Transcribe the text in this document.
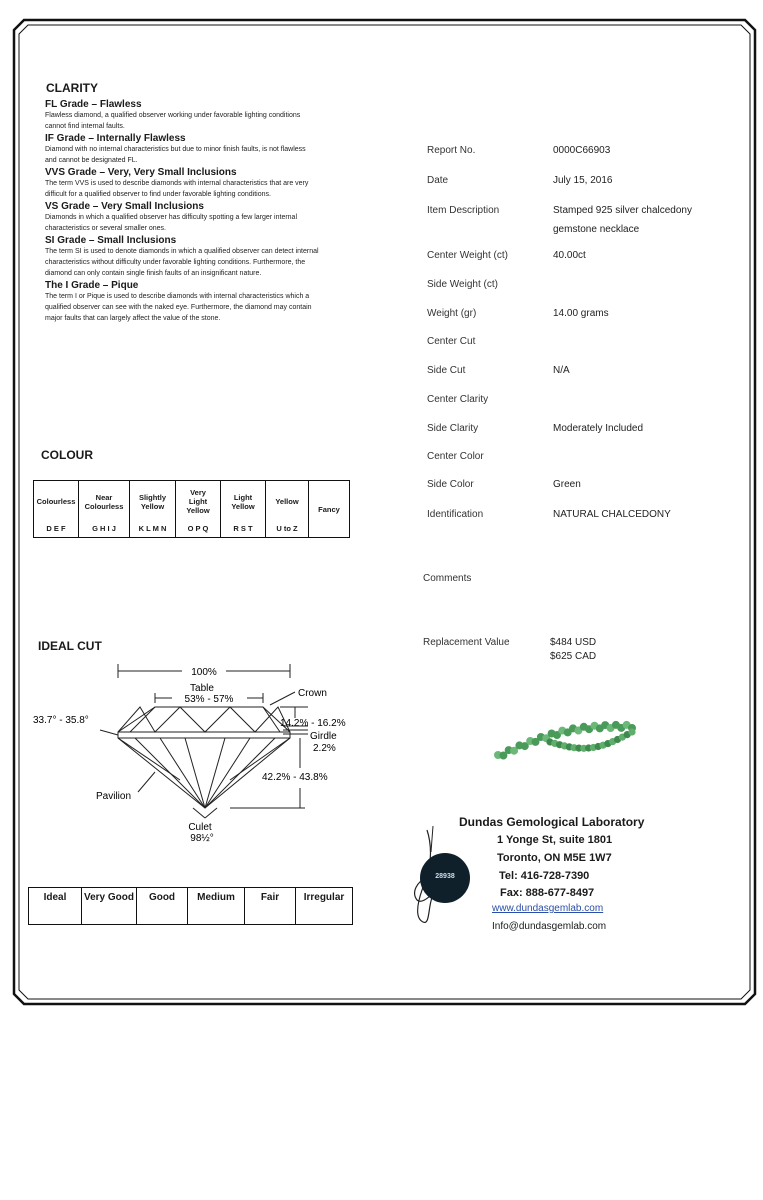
CLARITY
FL Grade – Flawless
Flawless diamond, a qualified observer working under favorable lighting conditions
cannot find internal faults.
IF Grade – Internally Flawless
Diamond with no internal characteristics but due to minor finish faults, is not flawless
and cannot be designated FL.
VVS Grade – Very, Very Small Inclusions
The term VVS is used to describe diamonds with internal characteristics that are very
difficult for a qualified observer to find under favorable lighting conditions.
VS Grade – Very Small Inclusions
Diamonds in which a qualified observer has difficulty spotting a few larger internal
characteristics or several smaller ones.
SI Grade – Small Inclusions
The term SI is used to denote diamonds in which a qualified observer can detect internal
characteristics without difficulty under favorable lighting conditions. Furthermore, the
diamond can only contain single finish faults of an insignificant nature.
The I Grade – Pique
The term I or Pique is used to describe diamonds with internal characteristics which a
qualified observer can see with the naked eye. Furthermore, the diamond may contain
major faults that can largely affect the value of the stone.
COLOUR
Colourless
D E F

Near
Colourless
G H I J

Slightly
Yellow
K L M N

Very
Light
Yellow
O P Q

Light
Yellow
R S T

Yellow
U to Z

Fancy
IDEAL CUT
100%
Table
53% - 57%
Crown
33.7° - 35.8°	14.2% - 16.2%
Girdle
2.2%
42.2% - 43.8%
Pavilion
Culet
98½°
Ideal	Very Good	Good	Medium	Fair	Irregular
Report No.	0000C66903
Date	July 15, 2016
Item Description	Stamped 925 silver chalcedony gemstone necklace
Center Weight (ct)	40.00ct
Side Weight (ct)
Weight (gr)	14.00 grams
Center Cut
Side Cut	N/A
Center Clarity
Side Clarity	Moderately Included
Center Color
Side Color	Green
Identification	NATURAL CHALCEDONY
Comments
Replacement Value	$484 USD
$625 CAD
28938
Dundas Gemological Laboratory
1 Yonge St, suite 1801
Toronto, ON M5E 1W7
Tel: 416-728-7390
Fax: 888-677-8497
www.dundasgemlab.com
Info@dundasgemlab.com
